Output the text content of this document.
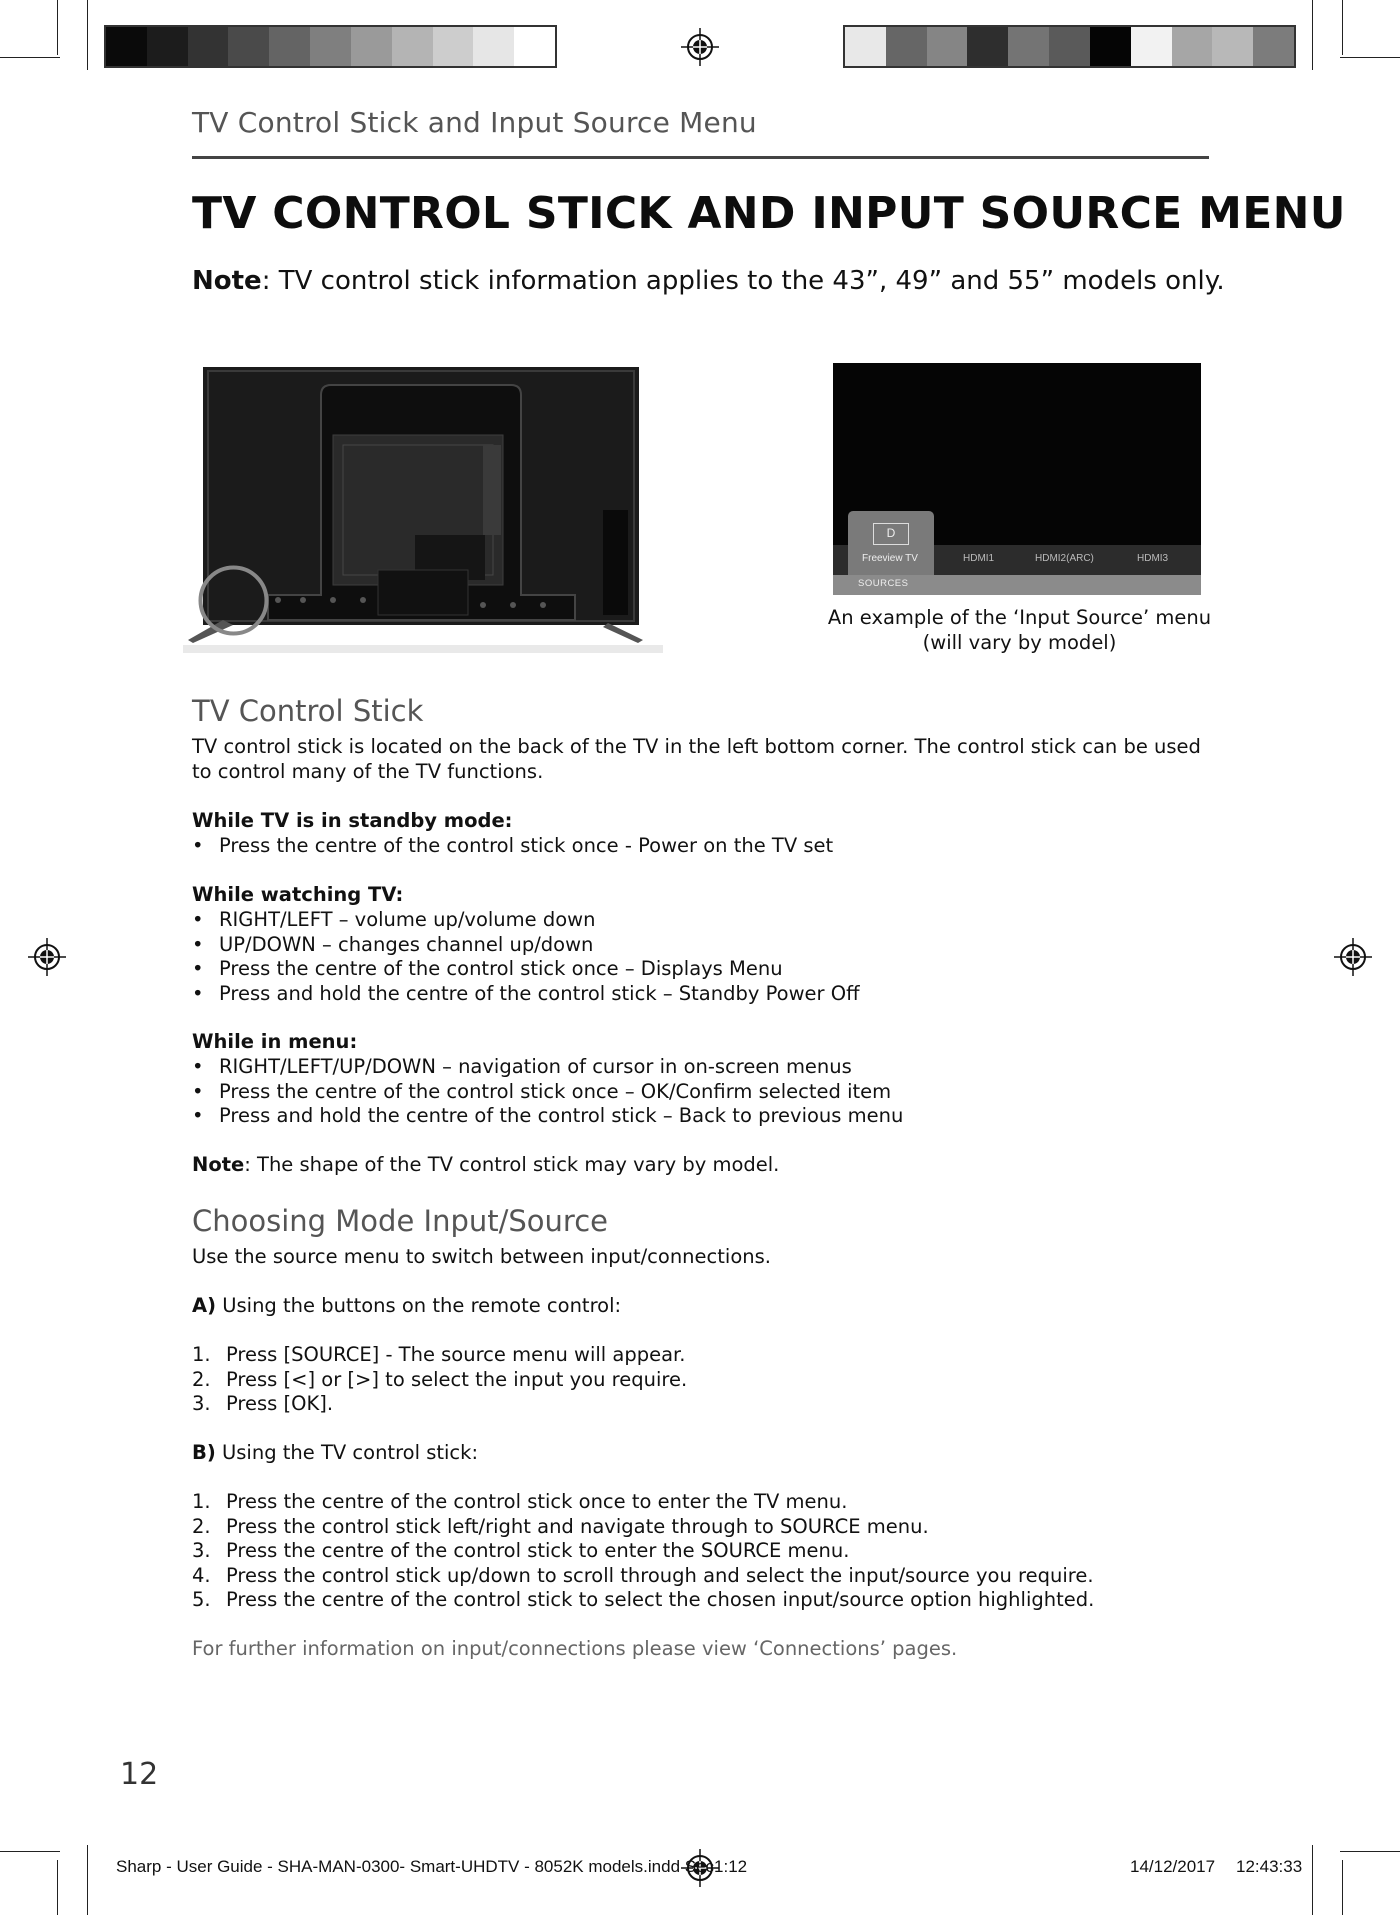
TV Control Stick and Input Source Menu
TV CONTROL STICK AND INPUT SOURCE MENU
Note: TV control stick information applies to the 43”, 49” and 55” models only.
D
Freeview TV	HDMI1	HDMI2(ARC)	HDMI3
SOURCES
An example of the ‘Input Source’ menu
(will vary by model)
TV Control Stick
TV control stick is located on the back of the TV in the left bottom corner. The control stick can be used to control many of the TV functions.
While TV is in standby mode:
• Press the centre of the control stick once - Power on the TV set
While watching TV:
• RIGHT/LEFT – volume up/volume down
• UP/DOWN – changes channel up/down
• Press the centre of the control stick once – Displays Menu
• Press and hold the centre of the control stick – Standby Power Off
While in menu:
• RIGHT/LEFT/UP/DOWN – navigation of cursor in on-screen menus
• Press the centre of the control stick once – OK/Confirm selected item
• Press and hold the centre of the control stick – Back to previous menu
Note: The shape of the TV control stick may vary by model.
Choosing Mode Input/Source
Use the source menu to switch between input/connections.
A) Using the buttons on the remote control:
1. Press [SOURCE] - The source menu will appear.
2. Press [<] or [>] to select the input you require.
3. Press [OK].
B) Using the TV control stick:
1. Press the centre of the control stick once to enter the TV menu.
2. Press the control stick left/right and navigate through to SOURCE menu.
3. Press the centre of the control stick to enter the SOURCE menu.
4. Press the control stick up/down to scroll through and select the input/source you require.
5. Press the centre of the control stick to select the chosen input/source option highlighted.
For further information on input/connections please view ‘Connections’ pages.
12
Sharp - User Guide - SHA-MAN-0300- Smart-UHDTV - 8052K models.indd Sec1:12	14/12/2017 12:43:33
